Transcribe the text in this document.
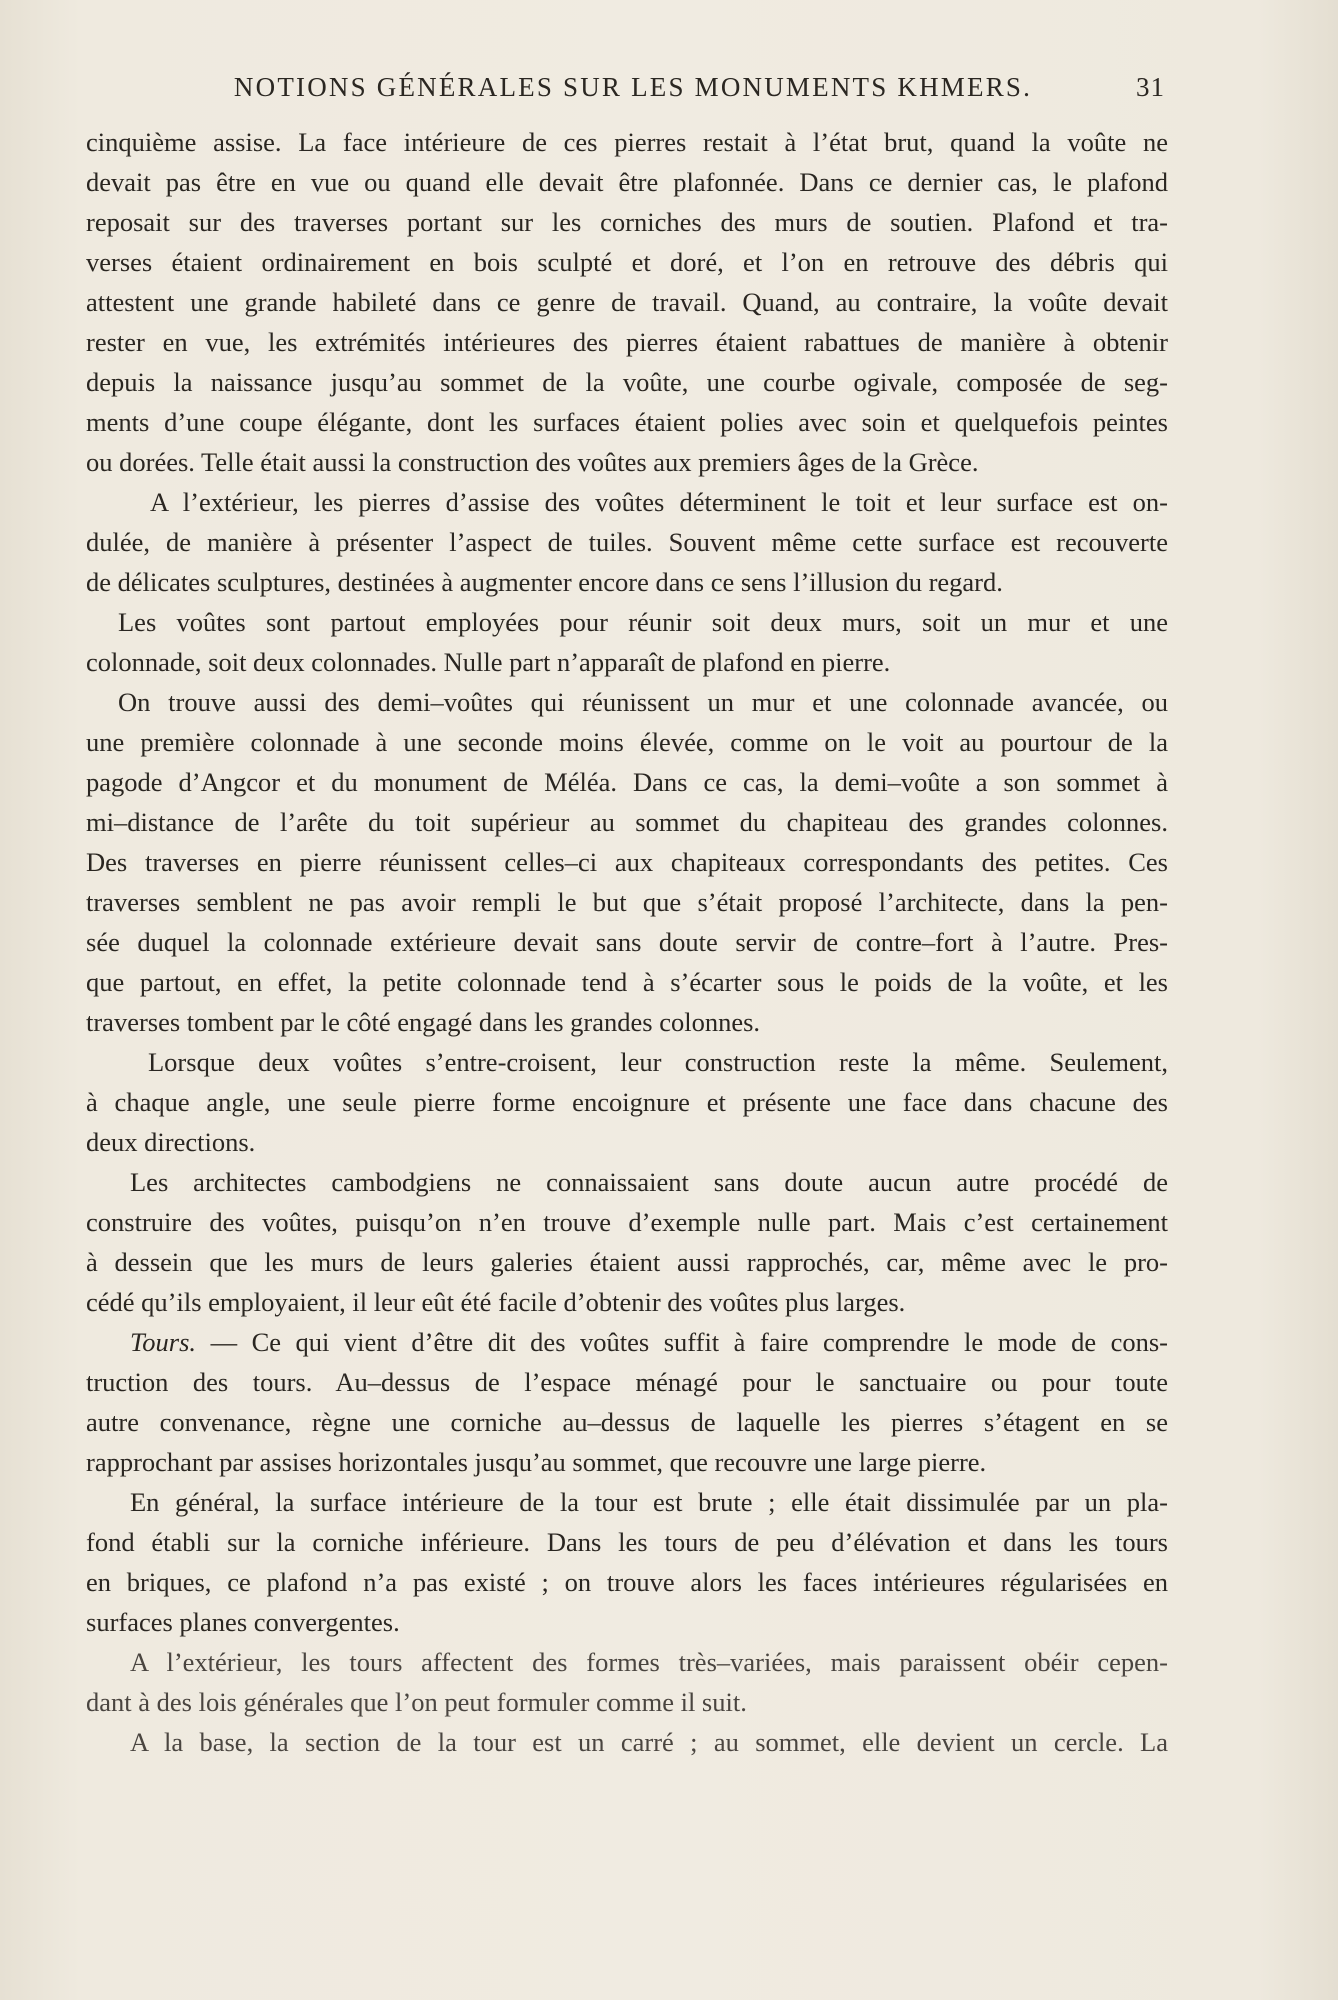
NOTIONS GÉNÉRALES SUR LES MONUMENTS KHMERS.	31

cinquième assise. La face intérieure de ces pierres restait à l’état brut, quand la voûte ne
devait pas être en vue ou quand elle devait être plafonnée. Dans ce dernier cas, le plafond
reposait sur des traverses portant sur les corniches des murs de soutien. Plafond et tra-
verses étaient ordinairement en bois sculpté et doré, et l’on en retrouve des débris qui
attestent une grande habileté dans ce genre de travail. Quand, au contraire, la voûte devait
rester en vue, les extrémités intérieures des pierres étaient rabattues de manière à obtenir
depuis la naissance jusqu’au sommet de la voûte, une courbe ogivale, composée de seg-
ments d’une coupe élégante, dont les surfaces étaient polies avec soin et quelquefois peintes
ou dorées. Telle était aussi la construction des voûtes aux premiers âges de la Grèce.

A l’extérieur, les pierres d’assise des voûtes déterminent le toit et leur surface est on-
dulée, de manière à présenter l’aspect de tuiles. Souvent même cette surface est recouverte
de délicates sculptures, destinées à augmenter encore dans ce sens l’illusion du regard.

Les voûtes sont partout employées pour réunir soit deux murs, soit un mur et une
colonnade, soit deux colonnades. Nulle part n’apparaît de plafond en pierre.

On trouve aussi des demi–voûtes qui réunissent un mur et une colonnade avancée, ou
une première colonnade à une seconde moins élevée, comme on le voit au pourtour de la
pagode d’Angcor et du monument de Méléa. Dans ce cas, la demi–voûte a son sommet à
mi–distance de l’arête du toit supérieur au sommet du chapiteau des grandes colonnes.
Des traverses en pierre réunissent celles–ci aux chapiteaux correspondants des petites. Ces
traverses semblent ne pas avoir rempli le but que s’était proposé l’architecte, dans la pen-
sée duquel la colonnade extérieure devait sans doute servir de contre–fort à l’autre. Pres-
que partout, en effet, la petite colonnade tend à s’écarter sous le poids de la voûte, et les
traverses tombent par le côté engagé dans les grandes colonnes.

Lorsque deux voûtes s’entre-croisent, leur construction reste la même. Seulement,
à chaque angle, une seule pierre forme encoignure et présente une face dans chacune des
deux directions.

Les architectes cambodgiens ne connaissaient sans doute aucun autre procédé de
construire des voûtes, puisqu’on n’en trouve d’exemple nulle part. Mais c’est certainement
à dessein que les murs de leurs galeries étaient aussi rapprochés, car, même avec le pro-
cédé qu’ils employaient, il leur eût été facile d’obtenir des voûtes plus larges.

Tours. — Ce qui vient d’être dit des voûtes suffit à faire comprendre le mode de cons-
truction des tours. Au–dessus de l’espace ménagé pour le sanctuaire ou pour toute
autre convenance, règne une corniche au–dessus de laquelle les pierres s’étagent en se
rapprochant par assises horizontales jusqu’au sommet, que recouvre une large pierre.

En général, la surface intérieure de la tour est brute ; elle était dissimulée par un pla-
fond établi sur la corniche inférieure. Dans les tours de peu d’élévation et dans les tours
en briques, ce plafond n’a pas existé ; on trouve alors les faces intérieures régularisées en
surfaces planes convergentes.

A l’extérieur, les tours affectent des formes très–variées, mais paraissent obéir cepen-
dant à des lois générales que l’on peut formuler comme il suit.

A la base, la section de la tour est un carré ; au sommet, elle devient un cercle. La
